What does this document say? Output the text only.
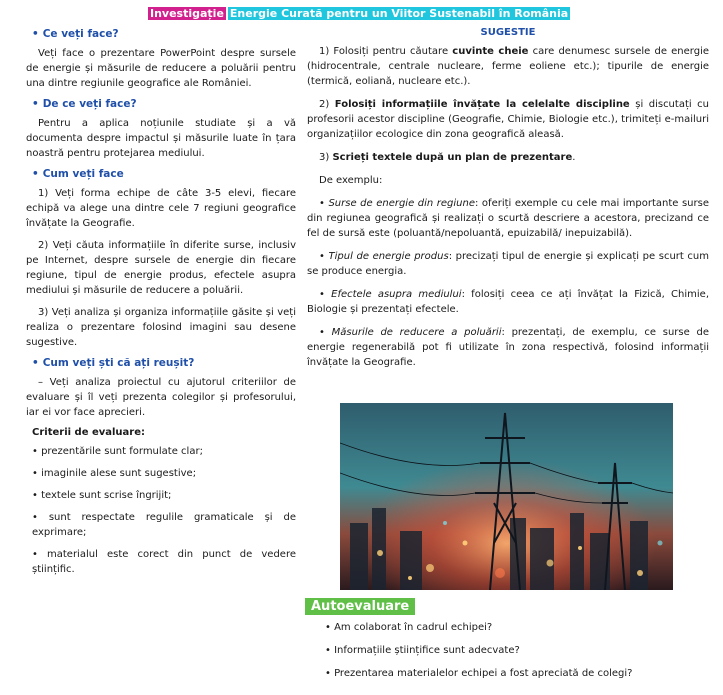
Investigație Energie Curată pentru un Viitor Sustenabil în România
• Ce veți face?

Veți face o prezentare PowerPoint despre sursele de energie și măsurile de reducere a poluării pentru una dintre regiunile geografice ale României.

• De ce veți face?

Pentru a aplica noțiunile studiate și a vă documenta despre impactul și măsurile luate în țara noastră pentru protejarea mediului.

• Cum veți face

1) Veți forma echipe de câte 3-5 elevi, fiecare echipă va alege una dintre cele 7 regiuni geografice învățate la Geografie.

2) Veți căuta informațiile în diferite surse, inclusiv pe Internet, despre sursele de energie din fiecare regiune, tipul de energie produs, efectele asupra mediului și măsurile de reducere a poluării.

3) Veți analiza și organiza informațiile găsite și veți realiza o prezentare folosind imagini sau desene sugestive.

• Cum veți ști că ați reușit?

– Veți analiza proiectul cu ajutorul criteriilor de evaluare și îl veți prezenta colegilor și profesorului, iar ei vor face aprecieri.

Criterii de evaluare:
• prezentările sunt formulate clar;
• imaginile alese sunt sugestive;
• textele sunt scrise îngrijit;
• sunt respectate regulile gramaticale și de exprimare;
• materialul este corect din punct de vedere științific.
SUGESTIE

1) Folosiți pentru căutare cuvinte cheie care denumesc sursele de energie (hidrocentrale, centrale nucleare, ferme eoliene etc.); tipurile de energie (termică, eoliană, nucleare etc.).

2) Folosiți informațiile învățate la celelalte discipline și discutați cu profesorii acestor discipline (Geografie, Chimie, Biologie etc.), trimiteți e-mailuri organizațiilor ecologice din zona geografică aleasă.

3) Scrieți textele după un plan de prezentare.

De exemplu:

• Surse de energie din regiune: oferiți exemple cu cele mai importante surse din regiunea geografică și realizați o scurtă descriere a acestora, precizand ce fel de sursă este (poluantă/nepoluantă, epuizabilă/ inepuizabilă).

• Tipul de energie produs: precizați tipul de energie și explicați pe scurt cum se produce energia.

• Efectele asupra mediului: folosiți ceea ce ați învățat la Fizică, Chimie, Biologie și prezentați efectele.

• Măsurile de reducere a poluării: prezentați, de exemplu, ce surse de energie regenerabilă pot fi utilizate în zona respectivă, folosind informații învățate la Geografie.

Autoevaluare
• Am colaborat în cadrul echipei?
• Informațiile științifice sunt adecvate?
• Prezentarea materialelor echipei a fost apreciată de colegi?
